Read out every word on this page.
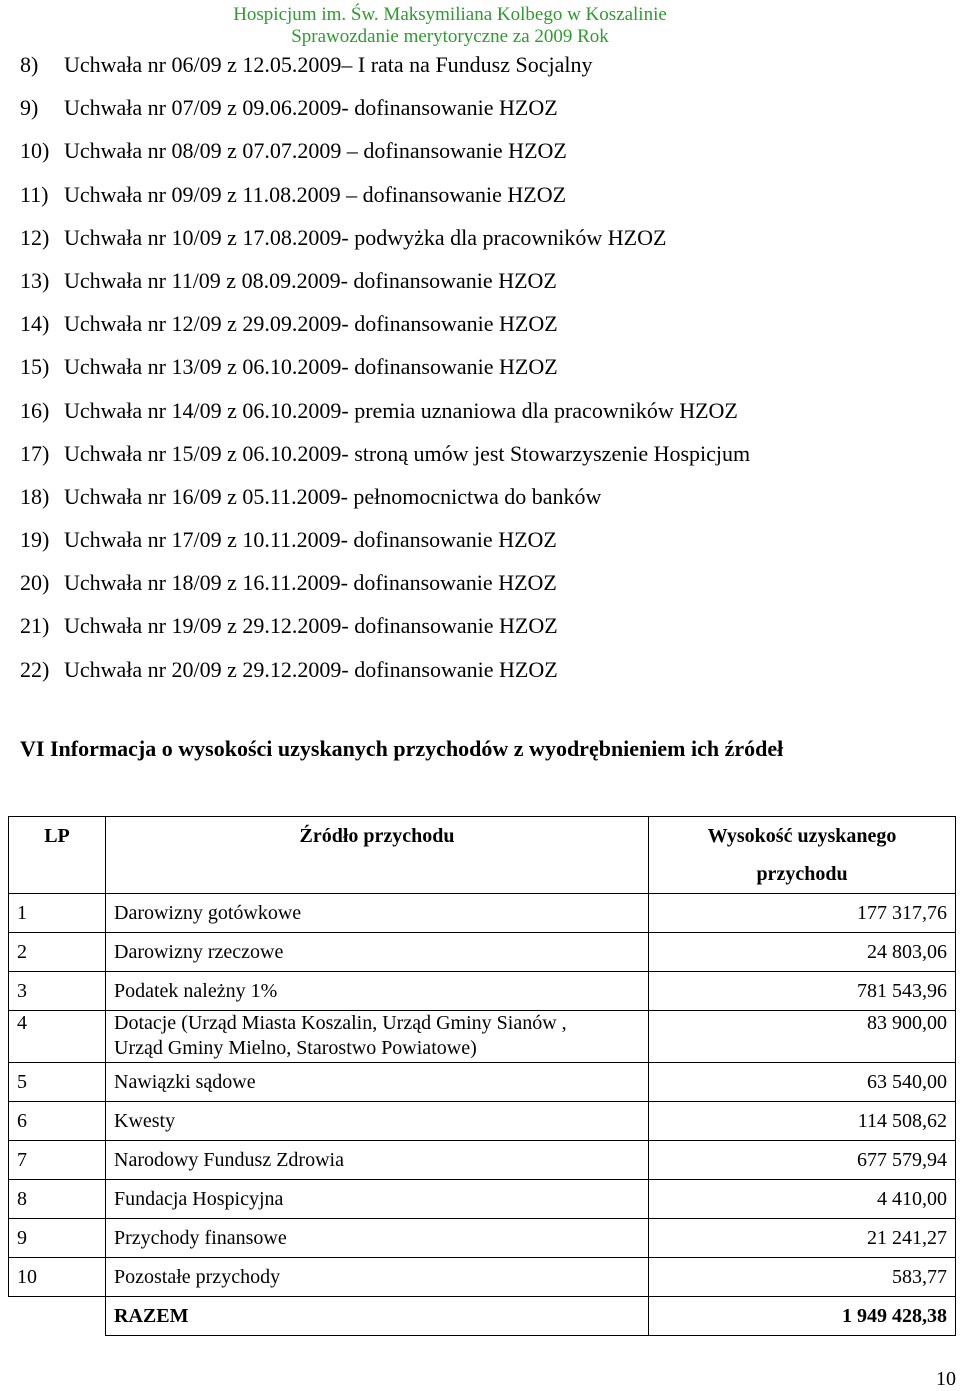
Hospicjum im. Św. Maksymiliana Kolbego w Koszalinie
Sprawozdanie merytoryczne za 2009 Rok
8) Uchwała nr 06/09 z 12.05.2009– I rata na Fundusz Socjalny
9) Uchwała nr 07/09 z 09.06.2009- dofinansowanie HZOZ
10) Uchwała nr 08/09 z 07.07.2009 – dofinansowanie HZOZ
11) Uchwała nr 09/09 z 11.08.2009 – dofinansowanie HZOZ
12) Uchwała nr 10/09 z 17.08.2009- podwyżka dla pracowników HZOZ
13) Uchwała nr 11/09 z 08.09.2009- dofinansowanie HZOZ
14) Uchwała nr 12/09 z 29.09.2009- dofinansowanie HZOZ
15) Uchwała nr 13/09 z 06.10.2009- dofinansowanie HZOZ
16) Uchwała nr 14/09 z 06.10.2009- premia uznaniowa dla pracowników HZOZ
17) Uchwała nr 15/09 z 06.10.2009- stroną umów jest Stowarzyszenie Hospicjum
18) Uchwała nr 16/09 z 05.11.2009- pełnomocnictwa do banków
19) Uchwała nr 17/09 z 10.11.2009- dofinansowanie HZOZ
20) Uchwała nr 18/09 z 16.11.2009- dofinansowanie HZOZ
21) Uchwała nr 19/09 z 29.12.2009- dofinansowanie HZOZ
22) Uchwała nr 20/09 z 29.12.2009- dofinansowanie HZOZ
VI Informacja o wysokości uzyskanych przychodów z wyodrębnieniem ich źródeł
LP	Źródło przychodu	Wysokość uzyskanego
przychodu

1	Darowizny gotówkowe	177 317,76
2	Darowizny rzeczowe	24 803,06
3	Podatek należny 1%	781 543,96
4	Dotacje (Urząd Miasta Koszalin, Urząd Gminy Sianów ,
Urząd Gminy Mielno, Starostwo Powiatowe)	83 900,00
5	Nawiązki sądowe	63 540,00
6	Kwesty	114 508,62
7	Narodowy Fundusz Zdrowia	677 579,94
8	Fundacja Hospicyjna	4 410,00
9	Przychody finansowe	21 241,27
10	Pozostałe przychody	583,77
	RAZEM	1 949 428,38
10
